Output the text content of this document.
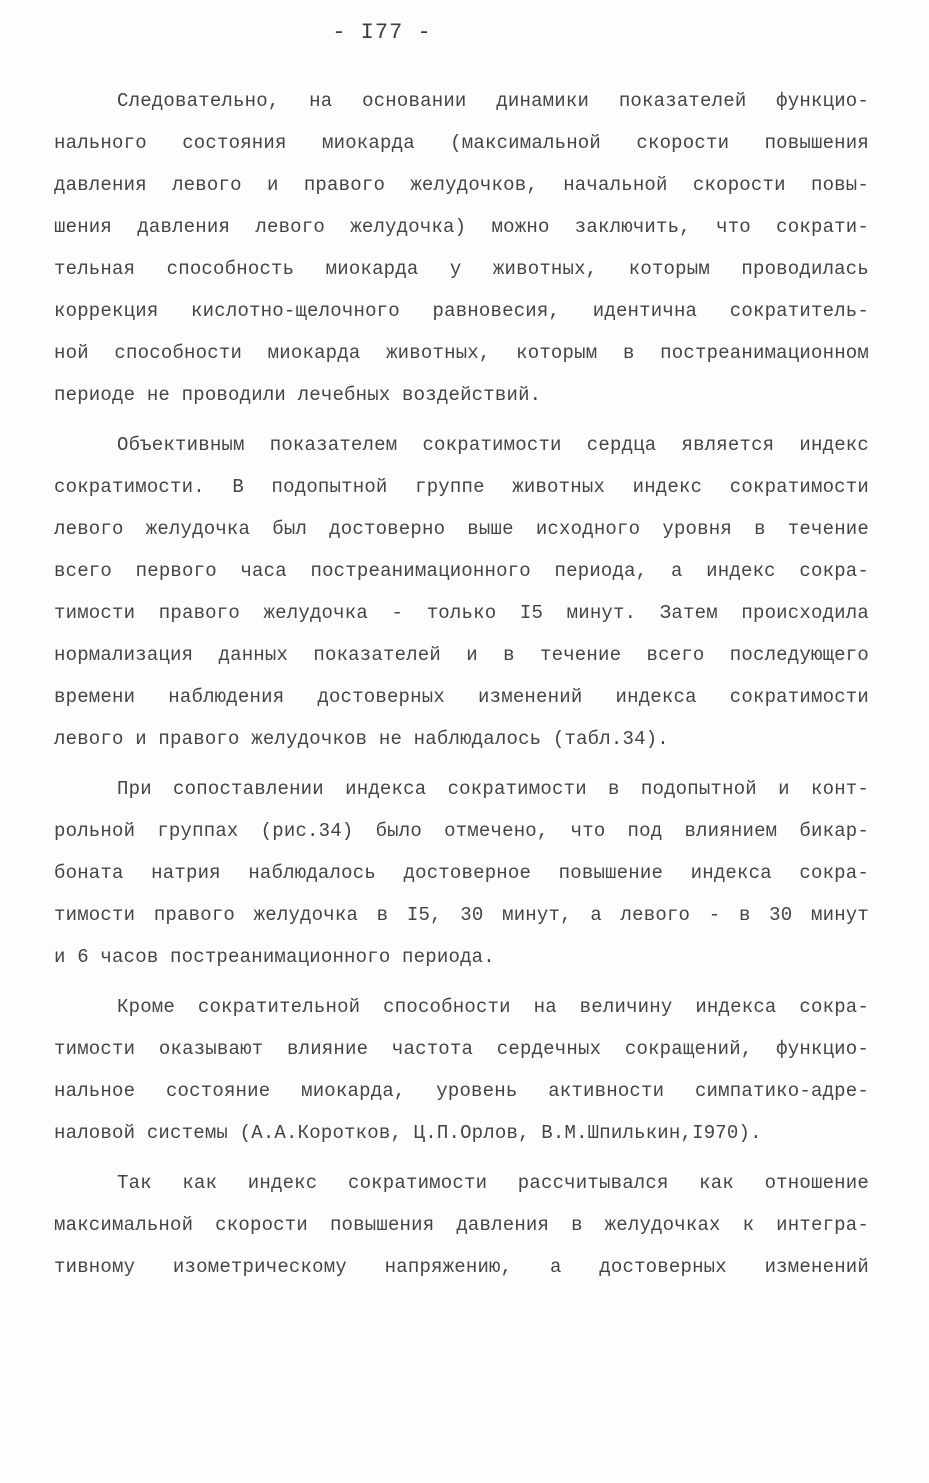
- I77 -
Следовательно, на основании динамики показателей функцио-
нального состояния миокарда (максимальной скорости повышения
давления левого и правого желудочков, начальной скорости повы-
шения давления левого желудочка) можно заключить, что сократи-
тельная способность миокарда у животных, которым проводилась
коррекция кислотно-щелочного равновесия, идентична сократитель-
ной способности миокарда животных, которым в постреанимационном
периоде не проводили лечебных воздействий.
Объективным показателем сократимости сердца является индекс
сократимости. В подопытной группе животных индекс сократимости
левого желудочка был достоверно выше исходного уровня в течение
всего первого часа постреанимационного периода, а индекс сокра-
тимости правого желудочка - только I5 минут. Затем происходила
нормализация данных показателей и в течение всего последующего
времени наблюдения достоверных изменений индекса сократимости
левого и правого желудочков не наблюдалось (табл.34).
При сопоставлении индекса сократимости в подопытной и конт-
рольной группах (рис.34) было отмечено, что под влиянием бикар-
боната натрия наблюдалось достоверное повышение индекса сокра-
тимости правого желудочка в I5, 30 минут, а левого - в 30 минут
и 6 часов постреанимационного периода.
Кроме сократительной способности на величину индекса сокра-
тимости оказывают влияние частота сердечных сокращений, функцио-
нальное состояние миокарда, уровень активности симпатико-адре-
наловой системы (А.А.Коротков, Ц.П.Орлов, В.М.Шпилькин,I970).
Так как индекс сократимости рассчитывался как отношение
максимальной скорости повышения давления в желудочках к интегра-
тивному изометрическому напряжению, а достоверных изменений
